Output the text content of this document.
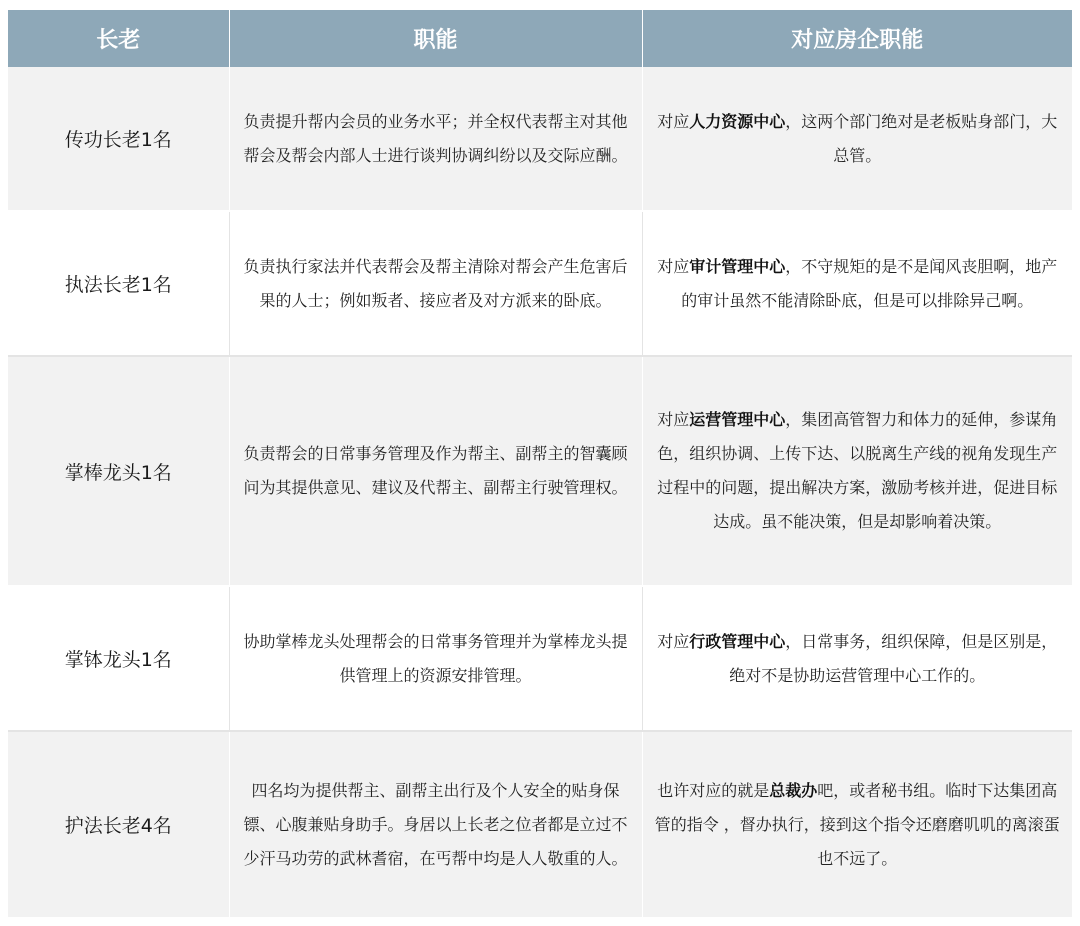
长老	职能	对应房企职能
传功长老1名	负责提升帮内会员的业务水平；并全权代表帮主对其他帮会及帮会内部人士进行谈判协调纠纷以及交际应酬。	对应人力资源中心，这两个部门绝对是老板贴身部门，大总管。
执法长老1名	负责执行家法并代表帮会及帮主清除对帮会产生危害后果的人士；例如叛者、接应者及对方派来的卧底。	对应审计管理中心，不守规矩的是不是闻风丧胆啊，地产的审计虽然不能清除卧底，但是可以排除异己啊。
掌棒龙头1名	负责帮会的日常事务管理及作为帮主、副帮主的智囊顾问为其提供意见、建议及代帮主、副帮主行驶管理权。	对应运营管理中心，集团高管智力和体力的延伸，参谋角色，组织协调、上传下达、以脱离生产线的视角发现生产过程中的问题，提出解决方案，激励考核并进，促进目标达成。虽不能决策，但是却影响着决策。
掌钵龙头1名	协助掌棒龙头处理帮会的日常事务管理并为掌棒龙头提供管理上的资源安排管理。	对应行政管理中心，日常事务，组织保障，但是区别是，绝对不是协助运营管理中心工作的。
护法长老4名	四名均为提供帮主、副帮主出行及个人安全的贴身保镖、心腹兼贴身助手。身居以上长老之位者都是立过不少汗马功劳的武林耆宿，在丐帮中均是人人敬重的人。	也许对应的就是总裁办吧，或者秘书组。临时下达集团高管的指令 ，督办执行，接到这个指令还磨磨叽叽的离滚蛋也不远了。
